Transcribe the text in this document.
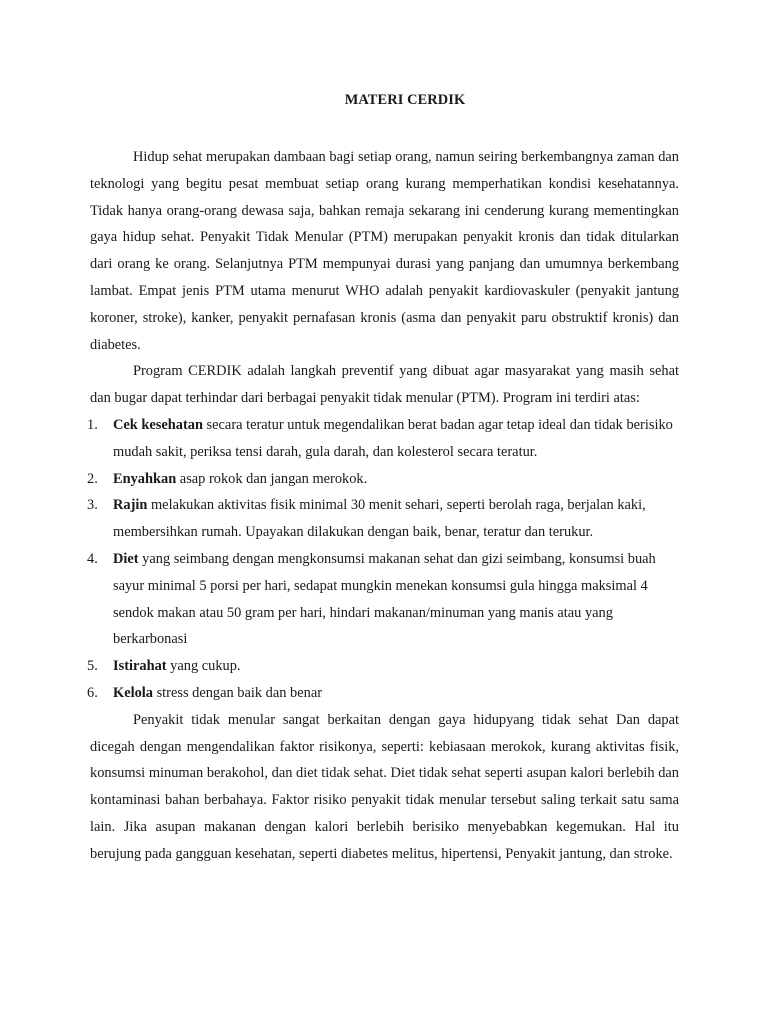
MATERI CERDIK

Hidup sehat merupakan dambaan bagi setiap orang, namun seiring berkembangnya zaman dan teknologi yang begitu pesat membuat setiap orang kurang memperhatikan kondisi kesehatannya. Tidak hanya orang-orang dewasa saja, bahkan remaja sekarang ini cenderung kurang mementingkan gaya hidup sehat. Penyakit Tidak Menular (PTM) merupakan penyakit kronis dan tidak ditularkan dari orang ke orang. Selanjutnya PTM mempunyai durasi yang panjang dan umumnya berkembang lambat. Empat jenis PTM utama menurut WHO adalah penyakit kardiovaskuler (penyakit jantung koroner, stroke), kanker, penyakit pernafasan kronis (asma dan penyakit paru obstruktif kronis) dan diabetes.

Program CERDIK adalah langkah preventif yang dibuat agar masyarakat yang masih sehat dan bugar dapat terhindar dari berbagai penyakit tidak menular (PTM). Program ini terdiri atas:

1. Cek kesehatan secara teratur untuk megendalikan berat badan agar tetap ideal dan tidak berisiko mudah sakit, periksa tensi darah, gula darah, dan kolesterol secara teratur.
2. Enyahkan asap rokok dan jangan merokok.
3. Rajin melakukan aktivitas fisik minimal 30 menit sehari, seperti berolah raga, berjalan kaki, membersihkan rumah. Upayakan dilakukan dengan baik, benar, teratur dan terukur.
4. Diet yang seimbang dengan mengkonsumsi makanan sehat dan gizi seimbang, konsumsi buah sayur minimal 5 porsi per hari, sedapat mungkin menekan konsumsi gula hingga maksimal 4 sendok makan atau 50 gram per hari, hindari makanan/minuman yang manis atau yang berkarbonasi
5. Istirahat yang cukup.
6. Kelola stress dengan baik dan benar

Penyakit tidak menular sangat berkaitan dengan gaya hidupyang tidak sehat Dan dapat dicegah dengan mengendalikan faktor risikonya, seperti: kebiasaan merokok, kurang aktivitas fisik, konsumsi minuman berakohol, dan diet tidak sehat. Diet tidak sehat seperti asupan kalori berlebih dan kontaminasi bahan berbahaya. Faktor risiko penyakit tidak menular tersebut saling terkait satu sama lain. Jika asupan makanan dengan kalori berlebih berisiko menyebabkan kegemukan. Hal itu berujung pada gangguan kesehatan, seperti diabetes melitus, hipertensi, Penyakit jantung, dan stroke.
